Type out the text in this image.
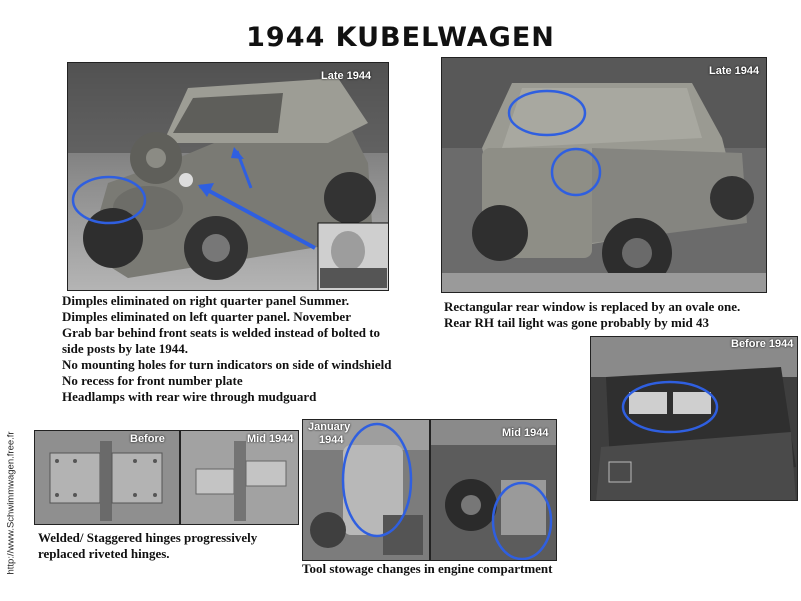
1944 KUBELWAGEN
Late 1944	Late 1944
Before 1944
Before	Mid 1944
January
1944
Mid 1944
Dimples eliminated on right quarter panel Summer.
Dimples eliminated on left quarter panel. November
Grab bar behind front seats is welded instead of bolted to
side posts by late 1944.
No mounting holes for turn indicators on side of windshield
No recess for front number plate
Headlamps with rear wire through mudguard
Rectangular rear window is replaced by an ovale one.
Rear RH tail light was gone probably by mid 43
Welded/ Staggered hinges progressively
replaced riveted hinges.
Tool stowage changes in engine compartment
http://www.Schwimmwagen.free.fr
